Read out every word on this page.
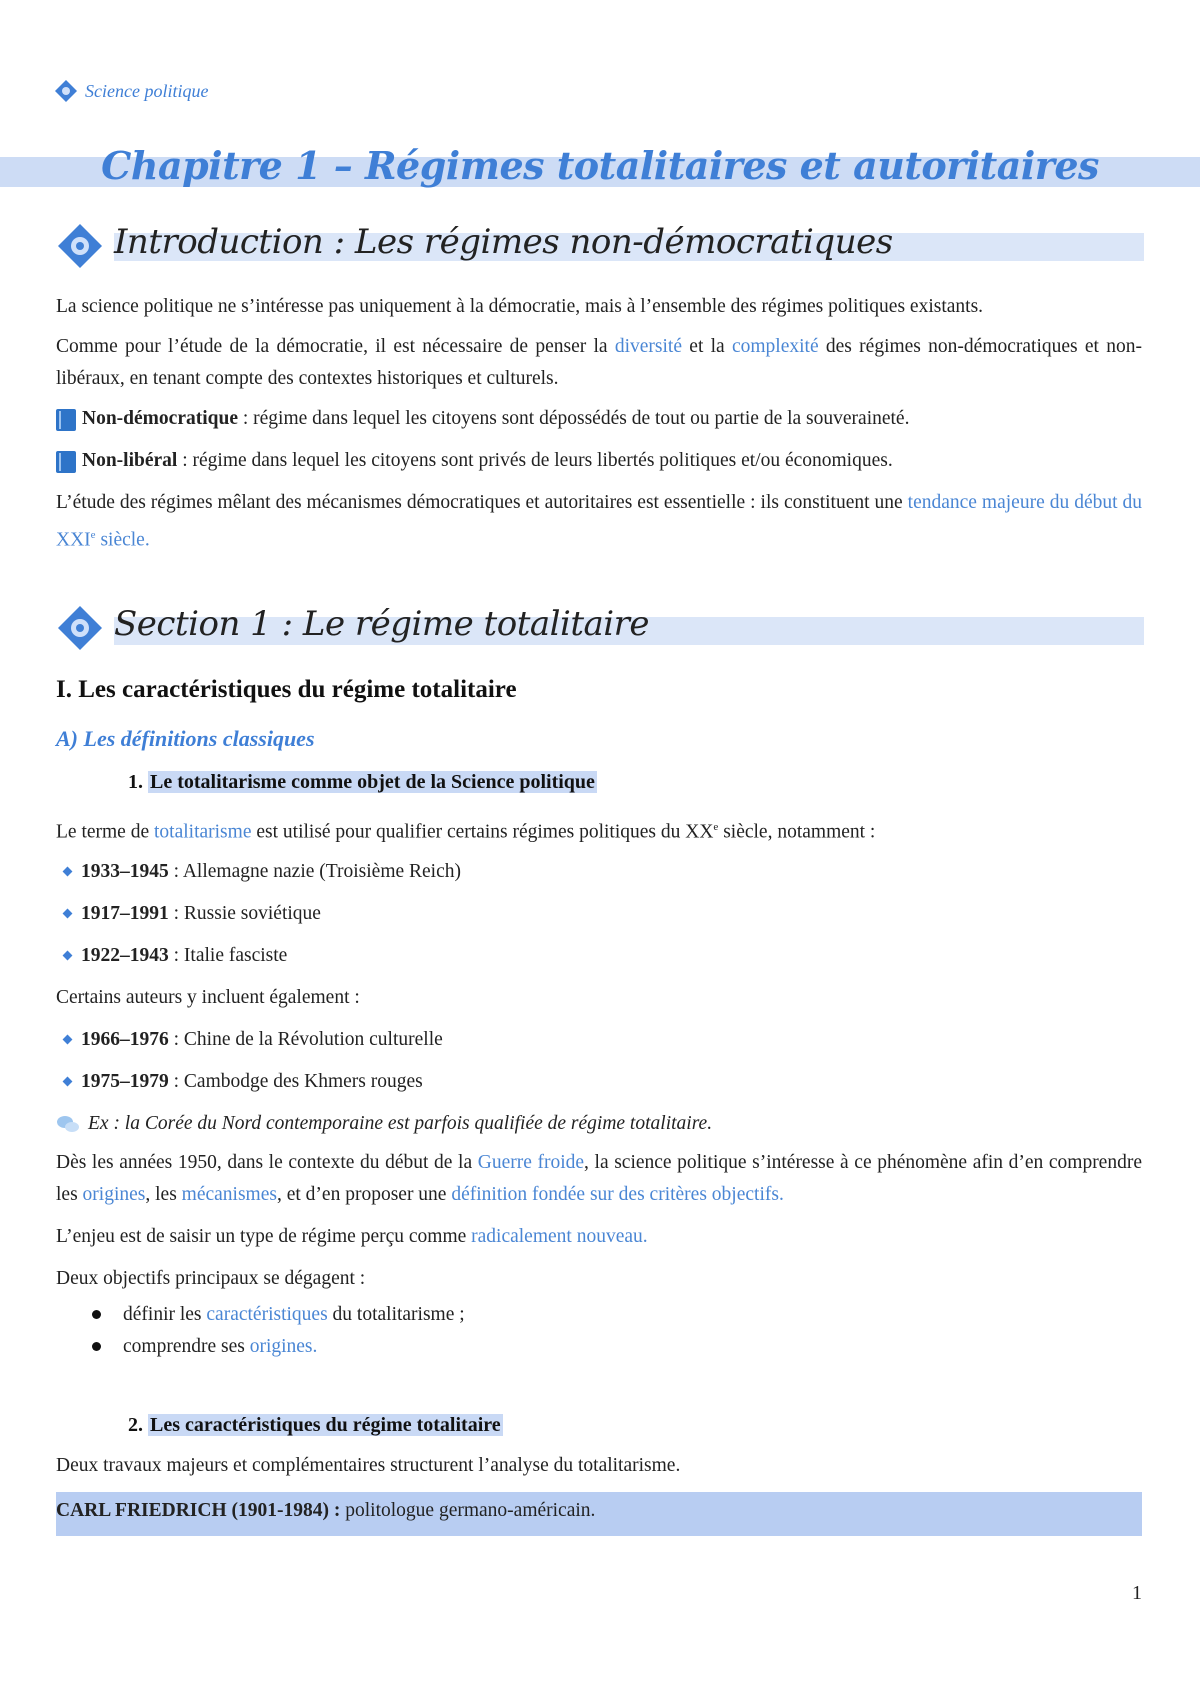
Science politique
Chapitre 1 – Régimes totalitaires et autoritaires
Introduction : Les régimes non-démocratiques

La science politique ne s’intéresse pas uniquement à la démocratie, mais à l’ensemble des régimes politiques existants.

Comme pour l’étude de la démocratie, il est nécessaire de penser la diversité et la complexité des régimes non-démocratiques et non-libéraux, en tenant compte des contextes historiques et culturels.

Non-démocratique : régime dans lequel les citoyens sont dépossédés de tout ou partie de la souveraineté.
Non-libéral : régime dans lequel les citoyens sont privés de leurs libertés politiques et/ou économiques.

L’étude des régimes mêlant des mécanismes démocratiques et autoritaires est essentielle : ils constituent une tendance majeure du début du XXIe siècle.

Section 1 : Le régime totalitaire
I. Les caractéristiques du régime totalitaire
A) Les définitions classiques
1. Le totalitarisme comme objet de la Science politique
Le terme de totalitarisme est utilisé pour qualifier certains régimes politiques du XXe siècle, notamment :
1933–1945 : Allemagne nazie (Troisième Reich)
1917–1991 : Russie soviétique
1922–1943 : Italie fasciste
Certains auteurs y incluent également :
1966–1976 : Chine de la Révolution culturelle
1975–1979 : Cambodge des Khmers rouges
Ex : la Corée du Nord contemporaine est parfois qualifiée de régime totalitaire.
Dès les années 1950, dans le contexte du début de la Guerre froide, la science politique s’intéresse à ce phénomène afin d’en comprendre les origines, les mécanismes, et d’en proposer une définition fondée sur des critères objectifs.
L’enjeu est de saisir un type de régime perçu comme radicalement nouveau.
Deux objectifs principaux se dégagent :
définir les caractéristiques du totalitarisme ;
comprendre ses origines.
2. Les caractéristiques du régime totalitaire
Deux travaux majeurs et complémentaires structurent l’analyse du totalitarisme.
CARL FRIEDRICH (1901-1984) : politologue germano-américain.
1
